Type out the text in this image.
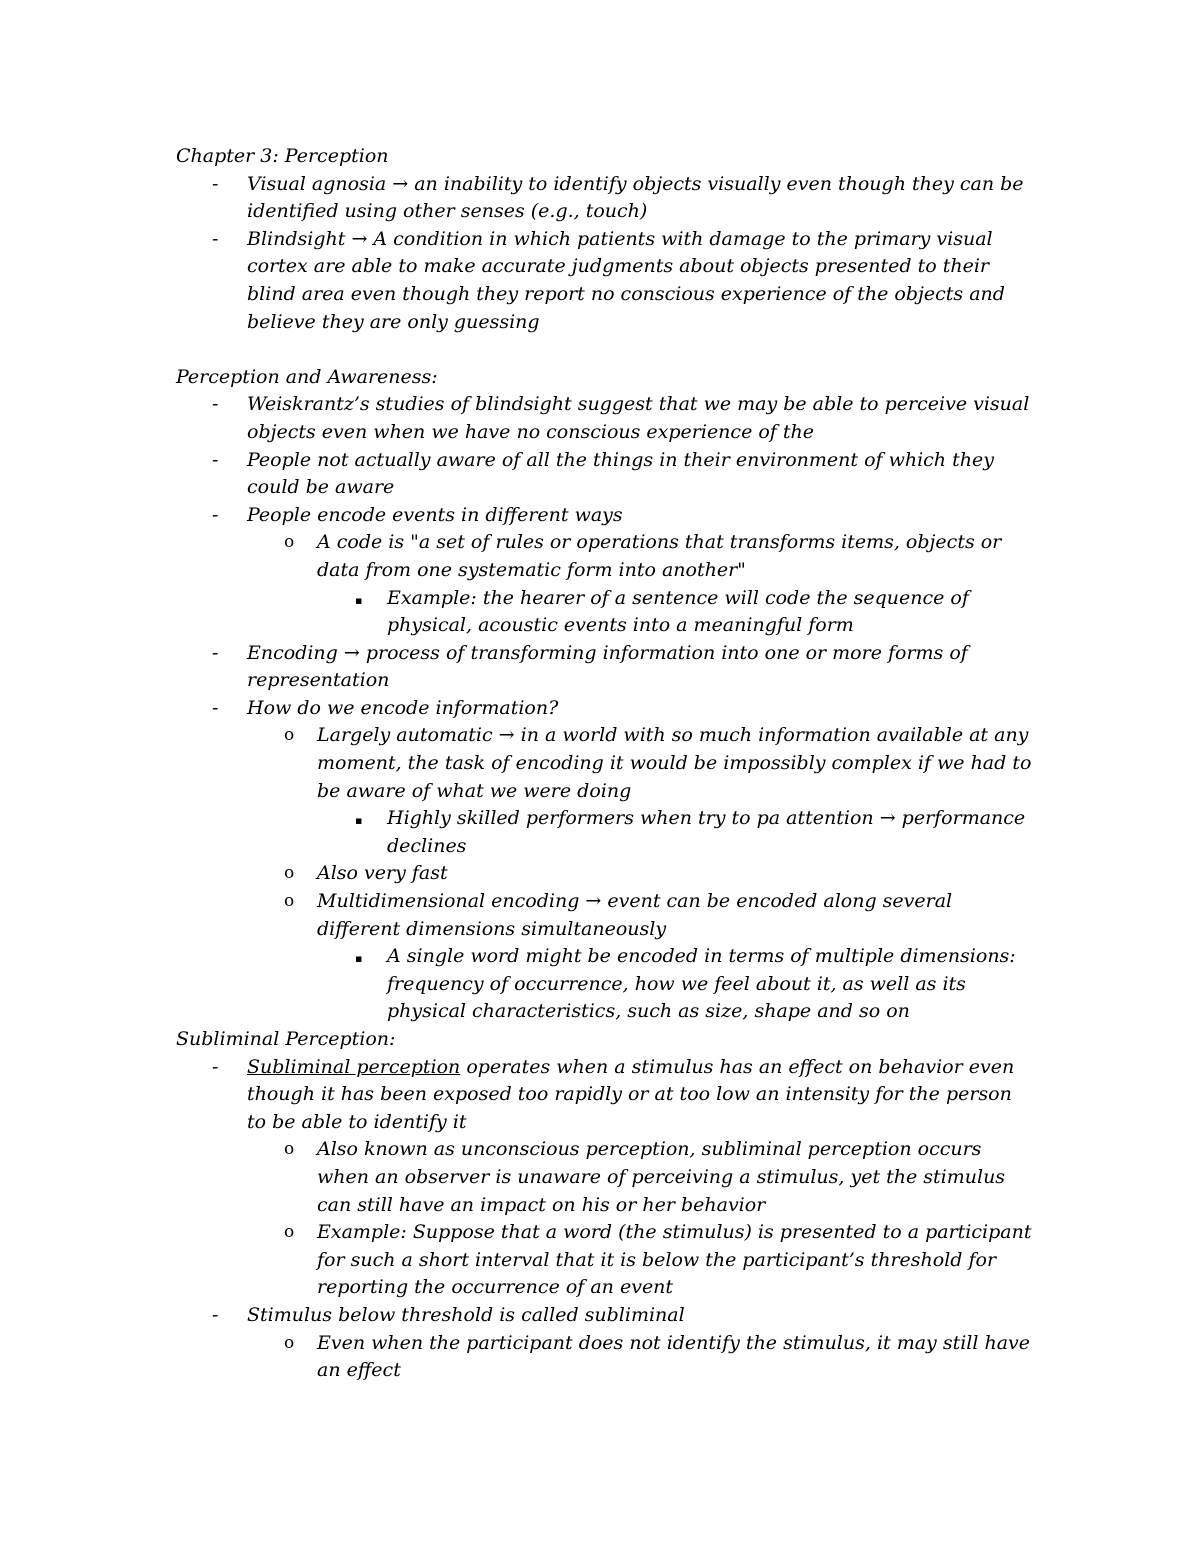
Chapter 3: Perception

- Visual agnosia → an inability to identify objects visually even though they can be identified using other senses (e.g., touch)
- Blindsight → A condition in which patients with damage to the primary visual cortex are able to make accurate judgments about objects presented to their blind area even though they report no conscious experience of the objects and believe they are only guessing

Perception and Awareness:

- Weiskrantz’s studies of blindsight suggest that we may be able to perceive visual objects even when we have no conscious experience of the
- People not actually aware of all the things in their environment of which they could be aware
- People encode events in different ways
o A code is "a set of rules or operations that transforms items, objects or data from one systematic form into another"
▪ Example: the hearer of a sentence will code the sequence of physical, acoustic events into a meaningful form
- Encoding → process of transforming information into one or more forms of representation
- How do we encode information?
o Largely automatic → in a world with so much information available at any moment, the task of encoding it would be impossibly complex if we had to be aware of what we were doing
▪ Highly skilled performers when try to pa attention → performance declines
o Also very fast
o Multidimensional encoding → event can be encoded along several different dimensions simultaneously
▪ A single word might be encoded in terms of multiple dimensions: frequency of occurrence, how we feel about it, as well as its physical characteristics, such as size, shape and so on

Subliminal Perception:

- Subliminal perception operates when a stimulus has an effect on behavior even though it has been exposed too rapidly or at too low an intensity for the person to be able to identify it
o Also known as unconscious perception, subliminal perception occurs when an observer is unaware of perceiving a stimulus, yet the stimulus can still have an impact on his or her behavior
o Example: Suppose that a word (the stimulus) is presented to a participant for such a short interval that it is below the participant’s threshold for reporting the occurrence of an event
- Stimulus below threshold is called subliminal
o Even when the participant does not identify the stimulus, it may still have an effect
